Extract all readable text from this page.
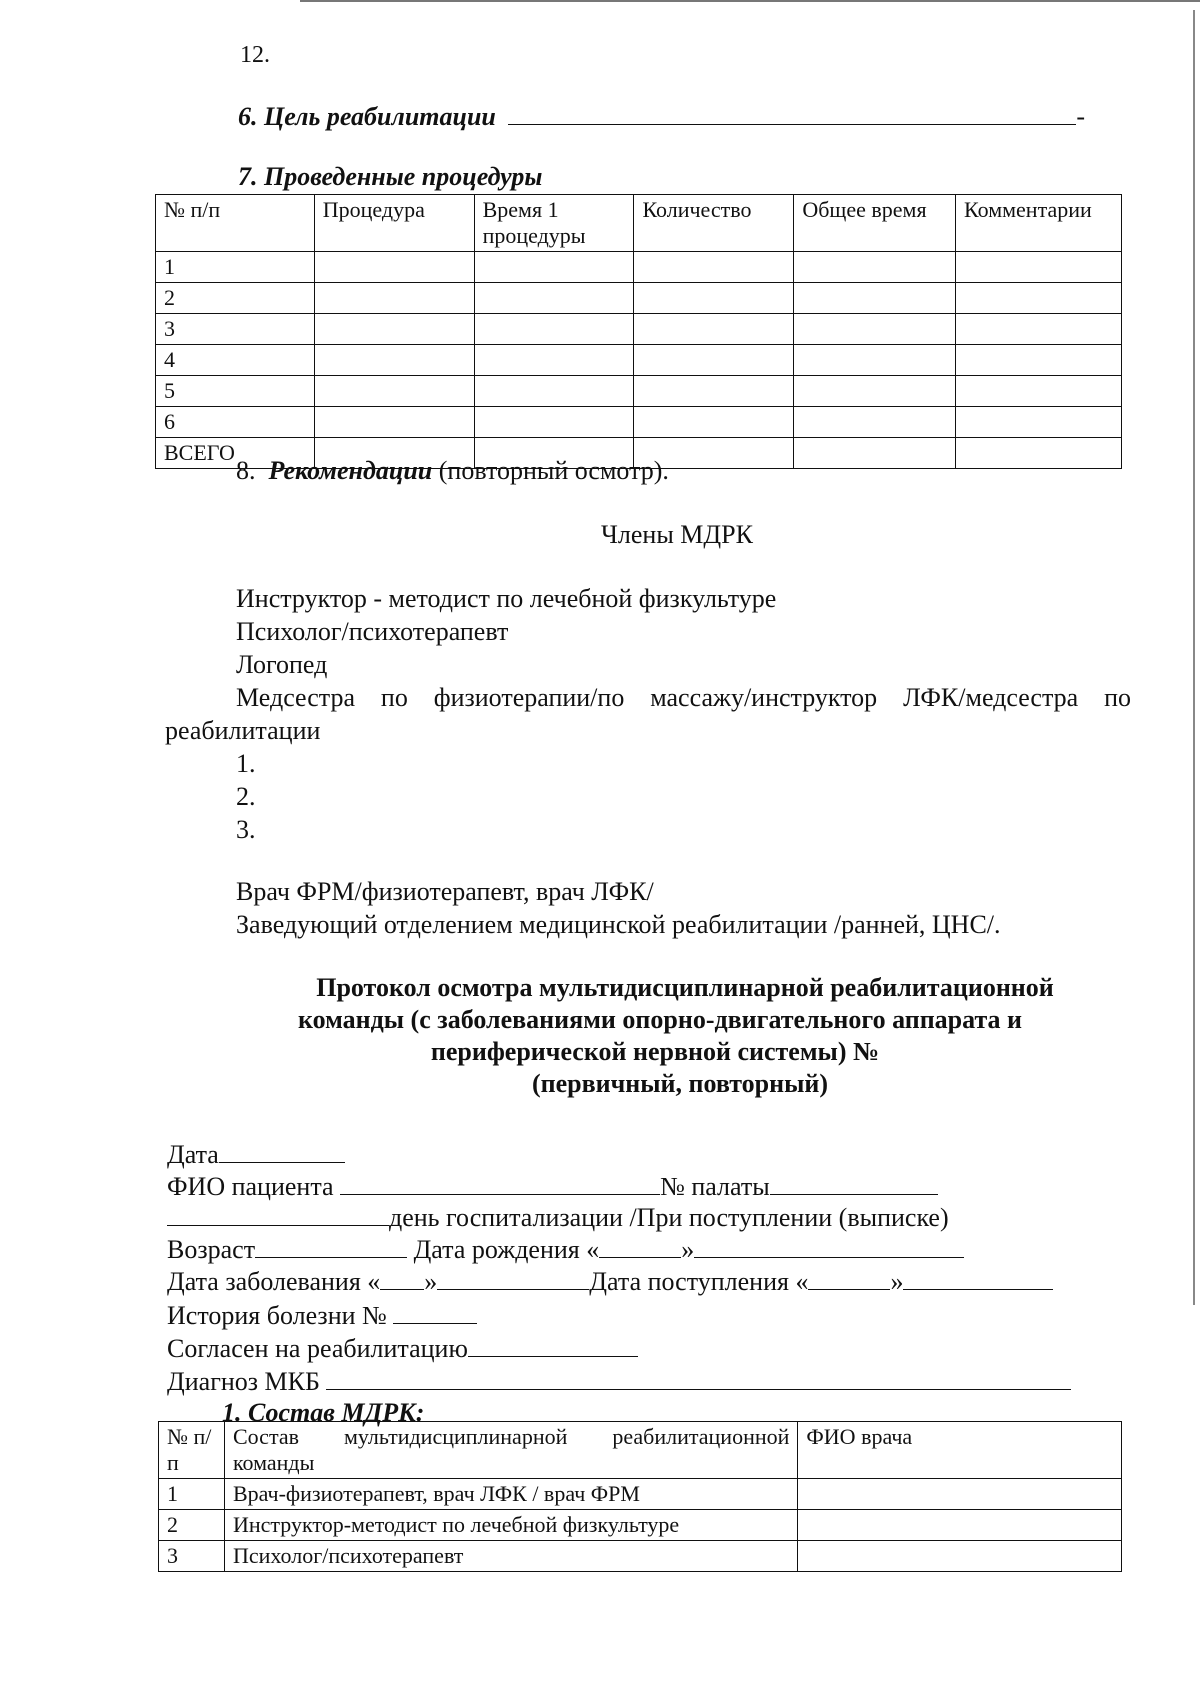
12.
6. Цель реабилитации	-
7. Проведенные процедуры
№ п/п	Процедура	Время 1 процедуры	Количество	Общее время	Комментарии
1					
2					
3					
4					
5					
6					
ВСЕГО					
8. Рекомендации (повторный осмотр).
Члены МДРК
Инструктор - методист по лечебной физкультуре
Психолог/психотерапевт
Логопед
Медсестра по физиотерапии/по массажу/инструктор ЛФК/медсестра по
реабилитации
1.
2.
3.
Врач ФРМ/физиотерапевт, врач ЛФК/
Заведующий отделением медицинской реабилитации /ранней, ЦНС/.
Протокол осмотра мультидисциплинарной реабилитационной
команды (с заболеваниями опорно-двигательного аппарата и
периферической нервной системы) №
(первичный, повторный)
Дата
ФИО пациента	№ палаты
день госпитализации /При поступлении (выписке)
Возраст	Дата рождения «	»
Дата заболевания « »	Дата поступления «	»
История болезни №
Согласен на реабилитацию
Диагноз МКБ
1. Состав МДРК:
№ п/п	Состав мультидисциплинарной реабилитационной команды	ФИО врача
1	Врач-физиотерапевт, врач ЛФК / врач ФРМ	
2	Инструктор-методист по лечебной физкультуре	
3	Психолог/психотерапевт	
